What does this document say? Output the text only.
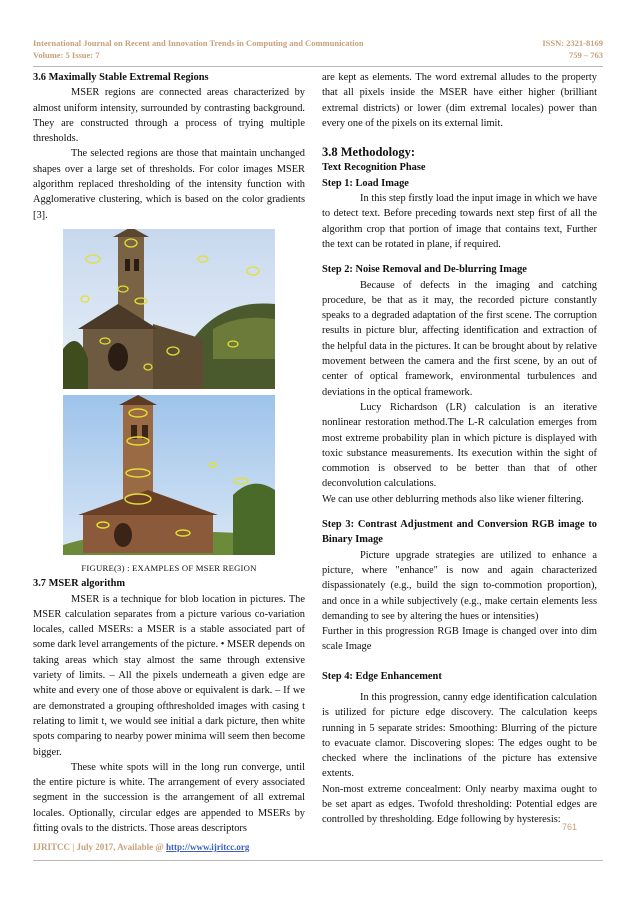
International Journal on Recent and Innovation Trends in Computing and Communication	ISSN: 2321-8169
Volume: 5 Issue: 7	759 – 763

3.6 Maximally Stable Extremal Regions

MSER regions are connected areas characterized by almost uniform intensity, surrounded by contrasting background. They are constructed through a process of trying multiple thresholds.

The selected regions are those that maintain unchanged shapes over a large set of thresholds. For color images MSER algorithm replaced thresholding of the intensity function with Agglomerative clustering, which is based on the color gradients [3].

FIGURE(3) : EXAMPLES OF MSER REGION

3.7 MSER algorithm

MSER is a technique for blob location in pictures. The MSER calculation separates from a picture various co-variation locales, called MSERs: a MSER is a stable associated part of some dark level arrangements of the picture. • MSER depends on taking areas which stay almost the same through extensive variety of limits. – All the pixels underneath a given edge are white and every one of those above or equivalent is dark. – If we are demonstrated a grouping ofthresholded images with casing t relating to limit t, we would see initial a dark picture, then white spots comparing to nearby power minima will seem then become bigger.

These white spots will in the long run converge, until the entire picture is white. The arrangement of every associated segment in the succession is the arrangement of all extremal locales. Optionally, circular edges are appended to MSERs by fitting ovals to the districts. Those areas descriptors

are kept as elements. The word extremal alludes to the property that all pixels inside the MSER have either higher (brilliant extremal districts) or lower (dim extremal locales) power than every one of the pixels on its external limit.

3.8 Methodology:

Text Recognition Phase

Step 1: Load Image

In this step firstly load the input image in which we have to detect text. Before preceding towards next step first of all the algorithm crop that portion of image that contains text, Further the text can be rotated in plane, if required.

Step 2: Noise Removal and De-blurring Image

Because of defects in the imaging and catching procedure, be that as it may, the recorded picture constantly speaks to a degraded adaptation of the first scene. The corruption results in picture blur, affecting identification and extraction of the helpful data in the pictures. It can be brought about by relative movement between the camera and the first scene, by an out of center of optical framework, environmental turbulences and deviations in the optical framework.

Lucy Richardson (LR) calculation is an iterative nonlinear restoration method.The L-R calculation emerges from most extreme probability plan in which picture is displayed with toxic substance measurements. Its execution within the sight of commotion is observed to be better than that of other deconvolution calculations.

We can use other deblurring methods also like wiener filtering.

Step 3: Contrast Adjustment and Conversion RGB image to Binary Image

Picture upgrade strategies are utilized to enhance a picture, where "enhance" is now and again characterized dispassionately (e.g., build the sign to-commotion proportion), and once in a while subjectively (e.g., make certain elements less demanding to see by altering the hues or intensities)

Further in this progression RGB Image is changed over into dim scale Image

Step 4: Edge Enhancement

In this progression, canny edge identification calculation is utilized for picture edge discovery. The calculation keeps running in 5 separate strides: Smoothing: Blurring of the picture to evacuate clamor. Discovering slopes: The edges ought to be checked where the inclinations of the picture has extensive extents.

Non-most extreme concealment: Only nearby maxima ought to be set apart as edges. Twofold thresholding: Potential edges are controlled by thresholding. Edge following by hysteresis:

761
IJRITCC | July 2017, Available @ http://www.ijritcc.org
